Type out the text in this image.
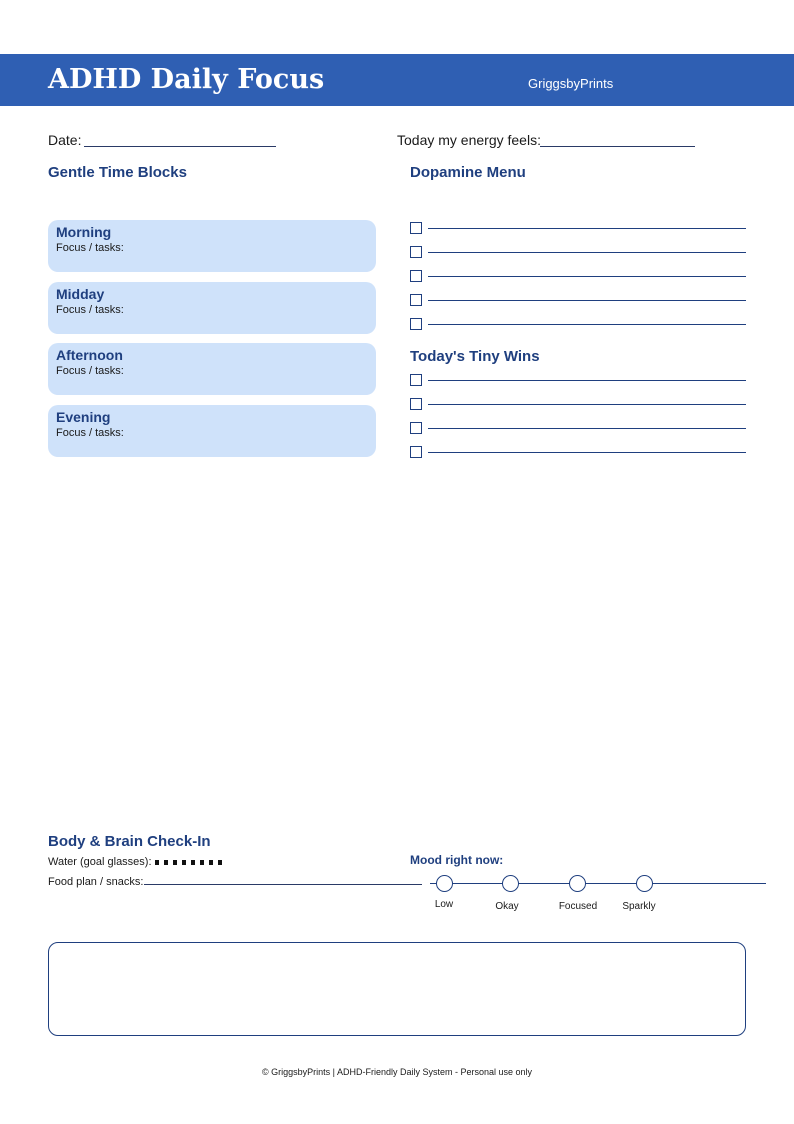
ADHD Daily Focus	GriggsbyPrints
Date:	Today my energy feels:
Gentle Time Blocks
Morning
Focus / tasks:
Midday
Focus / tasks:
Afternoon
Focus / tasks:
Evening
Focus / tasks:
Dopamine Menu
Today's Tiny Wins
Body & Brain Check-In
Water (goal glasses):
Food plan / snacks:
Mood right now:
Low	Okay	Focused	Sparkly
© GriggsbyPrints | ADHD-Friendly Daily System - Personal use only
